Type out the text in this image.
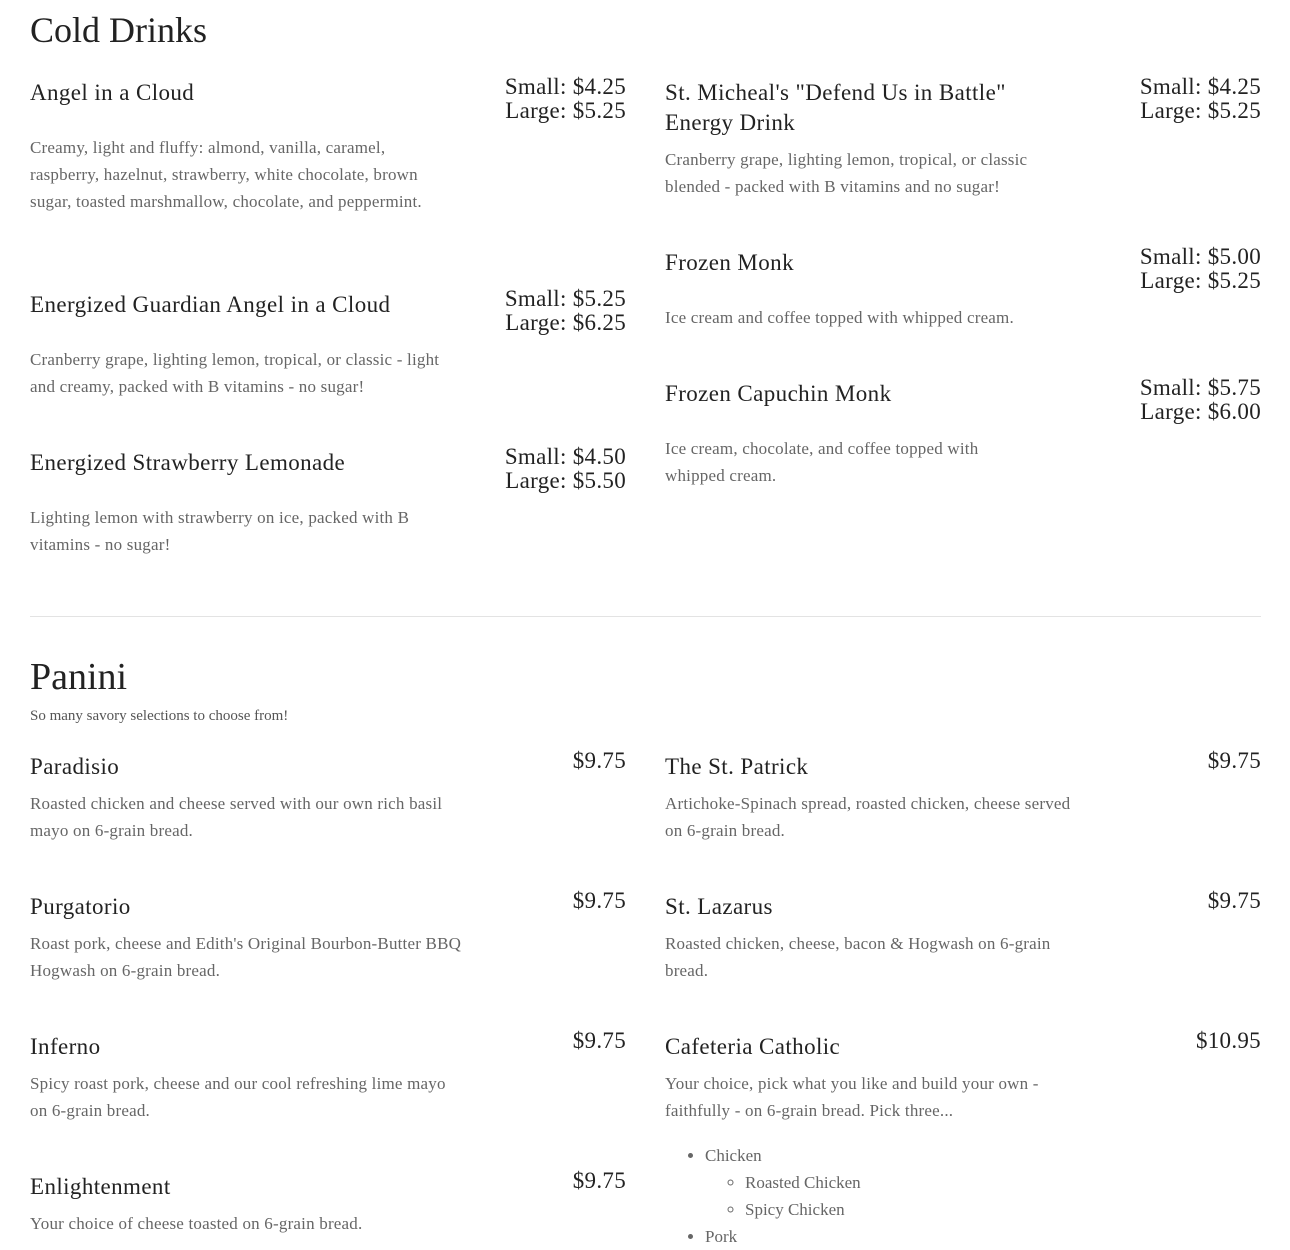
Cold Drinks
Angel in a Cloud	Small: $4.25
Large: $5.25

Creamy, light and fluffy: almond, vanilla, caramel, raspberry, hazelnut, strawberry, white chocolate, brown sugar, toasted marshmallow, chocolate, and peppermint.

Energized Guardian Angel in a Cloud	Small: $5.25
Large: $6.25

Cranberry grape, lighting lemon, tropical, or classic - light and creamy, packed with B vitamins - no sugar!

Energized Strawberry Lemonade	Small: $4.50
Large: $5.50

Lighting lemon with strawberry on ice, packed with B vitamins - no sugar!

St. Micheal's "Defend Us in Battle" Energy Drink
Small: $4.25
Large: $5.25

Cranberry grape, lighting lemon, tropical, or classic blended - packed with B vitamins and no sugar!

Frozen Monk	Small: $5.00
Large: $5.25

Ice cream and coffee topped with whipped cream.

Frozen Capuchin Monk	Small: $5.75
Large: $6.00

Ice cream, chocolate, and coffee topped with whipped cream.

Panini
So many savory selections to choose from!
Paradisio	$9.75

Roasted chicken and cheese served with our own rich basil mayo on 6-grain bread.

Purgatorio	$9.75

Roast pork, cheese and Edith's Original Bourbon-Butter BBQ Hogwash on 6-grain bread.

Inferno	$9.75

Spicy roast pork, cheese and our cool refreshing lime mayo on 6-grain bread.

Enlightenment	$9.75

Your choice of cheese toasted on 6-grain bread.

The St. Patrick	$9.75

Artichoke-Spinach spread, roasted chicken, cheese served on 6-grain bread.

St. Lazarus	$9.75

Roasted chicken, cheese, bacon & Hogwash on 6-grain bread.

Cafeteria Catholic	$10.95

Your choice, pick what you like and build your own - faithfully - on 6-grain bread. Pick three...

• Chicken
◦ Roasted Chicken
◦ Spicy Chicken
• Pork
